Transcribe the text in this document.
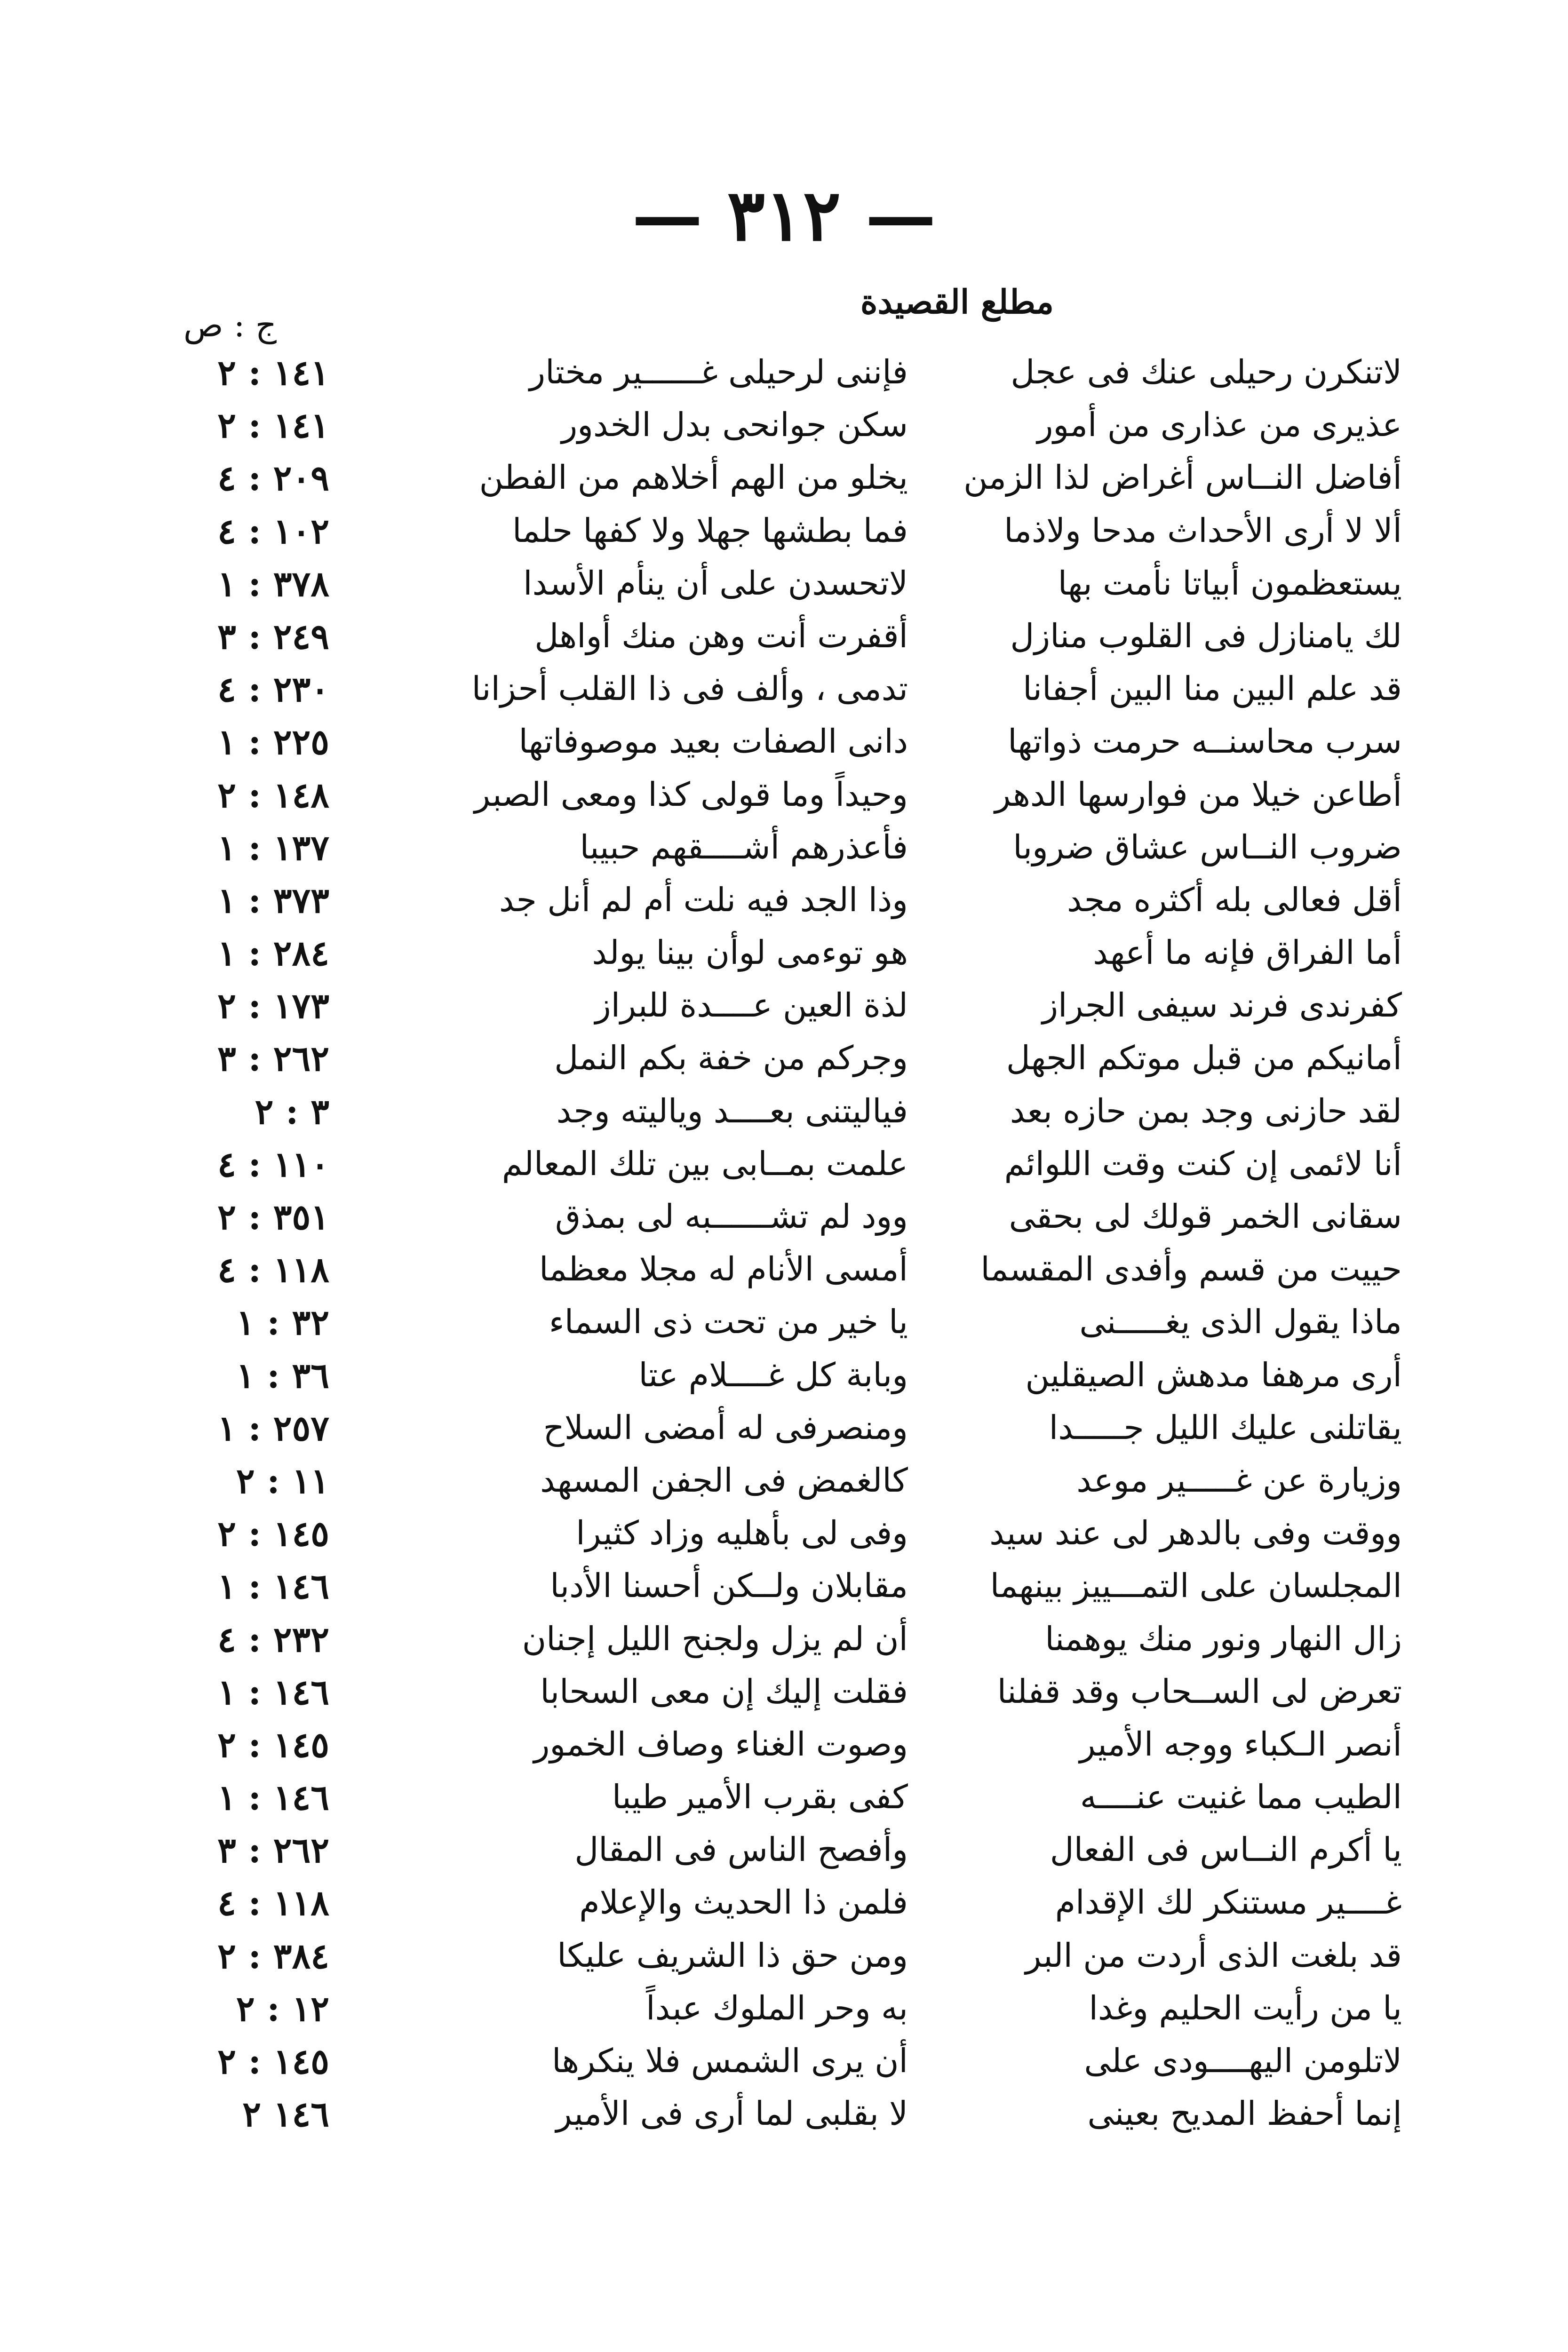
— ٣١٢ —
مطلع القصيدة
ج : ص
لاتنكرن رحيلى عنك فى عجل
فإننى لرحيلى غــــــير مختار
١٤١ : ٢
عذيرى من عذارى من أمور
سكن جوانحى بدل الخدور
١٤١ : ٢
أفاضل النــاس أغراض لذا الزمن
يخلو من الهم أخلاهم من الفطن
٢٠٩ : ٤
ألا لا أرى الأحداث مدحا ولاذما
فما بطشها جهلا ولا كفها حلما
١٠٢ : ٤
يستعظمون أبياتا نأمت بها
لاتحسدن على أن ينأم الأسدا
٣٧٨ : ١
لك يامنازل فى القلوب منازل
أقفرت أنت وهن منك أواهل
٢٤٩ : ٣
قد علم البين منا البين أجفانا
تدمى ، وألف فى ذا القلب أحزانا
٢٣٠ : ٤
سرب محاسنــه حرمت ذواتها
دانى الصفات بعيد موصوفاتها
٢٢٥ : ١
أطاعن خيلا من فوارسها الدهر
وحيداً وما قولى كذا ومعى الصبر
١٤٨ : ٢
ضروب النــاس عشاق ضروبا
فأعذرهم أشــــقهم حبيبا
١٣٧ : ١
أقل فعالى بله أكثره مجد
وذا الجد فيه نلت أم لم أنل جد
٣٧٣ : ١
أما الفراق فإنه ما أعهد
هو توءمى لوأن بينا يولد
٢٨٤ : ١
كفرندى فرند سيفى الجراز
لذة العين عــــدة للبراز
١٧٣ : ٢
أمانيكم من قبل موتكم الجهل
وجركم من خفة بكم النمل
٢٦٢ : ٣
لقد حازنى وجد بمن حازه بعد
فياليتنى بعــــد وياليته وجد
٣ : ٢
أنا لائمى إن كنت وقت اللوائم
علمت بمــابى بين تلك المعالم
١١٠ : ٤
سقانى الخمر قولك لى بحقى
وود لم تشــــــبه لى بمذق
٣٥١ : ٢
حييت من قسم وأفدى المقسما
أمسى الأنام له مجلا معظما
١١٨ : ٤
ماذا يقول الذى يغـــــنى
يا خير من تحت ذى السماء
٣٢ : ١
أرى مرهفا مدهش الصيقلين
وبابة كل غــــلام عتا
٣٦ : ١
يقاتلنى عليك الليل جـــــدا
ومنصرفى له أمضى السلاح
٢٥٧ : ١
وزيارة عن غـــــير موعد
كالغمض فى الجفن المسهد
١١ : ٢
ووقت وفى بالدهر لى عند سيد
وفى لى بأهليه وزاد كثيرا
١٤٥ : ٢
المجلسان على التمـــييز بينهما
مقابلان ولــكن أحسنا الأدبا
١٤٦ : ١
زال النهار ونور منك يوهمنا
أن لم يزل ولجنح الليل إجنان
٢٣٢ : ٤
تعرض لى الســحاب وقد قفلنا
فقلت إليك إن معى السحابا
١٤٦ : ١
أنصر الـكباء ووجه الأمير
وصوت الغناء وصاف الخمور
١٤٥ : ٢
الطيب مما غنيت عنــــه
كفى بقرب الأمير طيبا
١٤٦ : ١
يا أكرم النــاس فى الفعال
وأفصح الناس فى المقال
٢٦٢ : ٣
غــــير مستنكر لك الإقدام
فلمن ذا الحديث والإعلام
١١٨ : ٤
قد بلغت الذى أردت من البر
ومن حق ذا الشريف عليكا
٣٨٤ : ٢
يا من رأيت الحليم وغدا
به وحر الملوك عبداً
١٢ : ٢
لاتلومن اليهــــودى على
أن يرى الشمس فلا ينكرها
١٤٥ : ٢
إنما أحفظ المديح بعينى
لا بقلبى لما أرى فى الأمير
١٤٦ ٢
